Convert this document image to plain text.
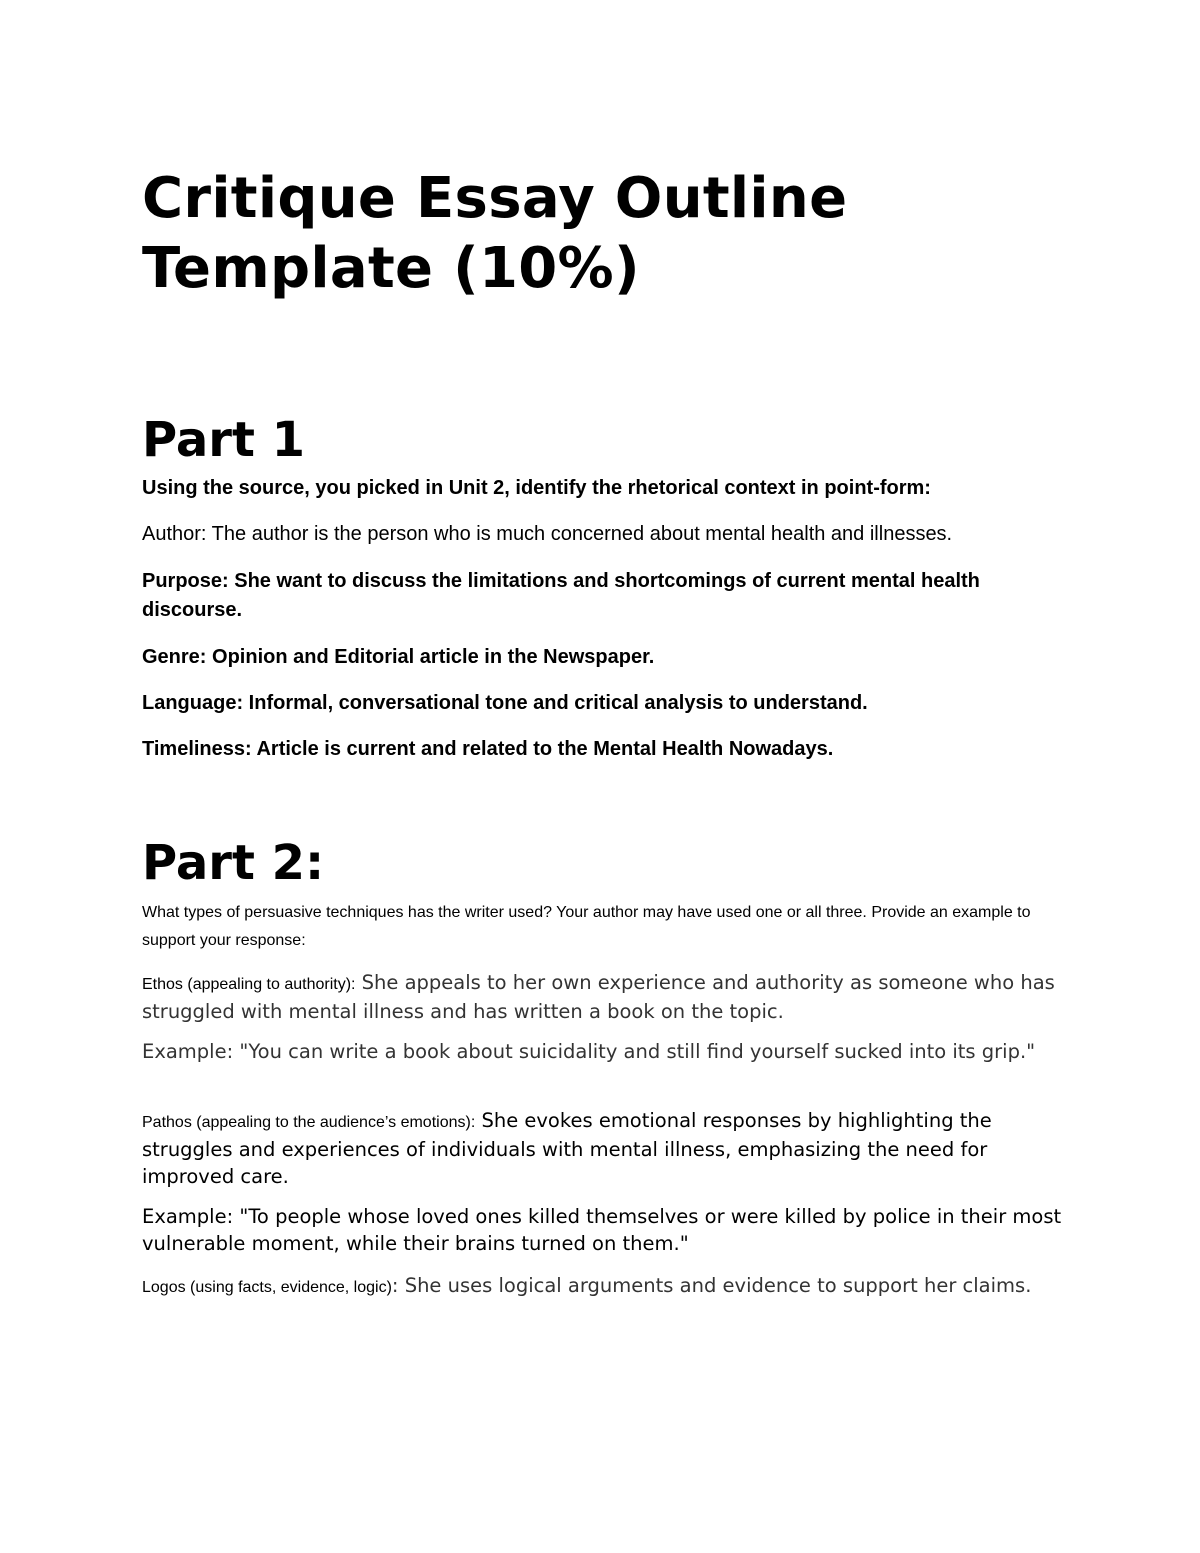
Critique Essay Outline Template (10%)
Part 1

Using the source, you picked in Unit 2, identify the rhetorical context in point-form:

Author: The author is the person who is much concerned about mental health and illnesses.

Purpose: She want to discuss the limitations and shortcomings of current mental health discourse.

Genre: Opinion and Editorial article in the Newspaper.

Language: Informal, conversational tone and critical analysis to understand.

Timeliness: Article is current and related to the Mental Health Nowadays.

Part 2:

What types of persuasive techniques has the writer used? Your author may have used one or all three. Provide an example to support your response:

Ethos (appealing to authority): She appeals to her own experience and authority as someone who has struggled with mental illness and has written a book on the topic.

Example: "You can write a book about suicidality and still find yourself sucked into its grip."

Pathos (appealing to the audience’s emotions): She evokes emotional responses by highlighting the struggles and experiences of individuals with mental illness, emphasizing the need for improved care.

Example: "To people whose loved ones killed themselves or were killed by police in their most vulnerable moment, while their brains turned on them."

Logos (using facts, evidence, logic): She uses logical arguments and evidence to support her claims.
